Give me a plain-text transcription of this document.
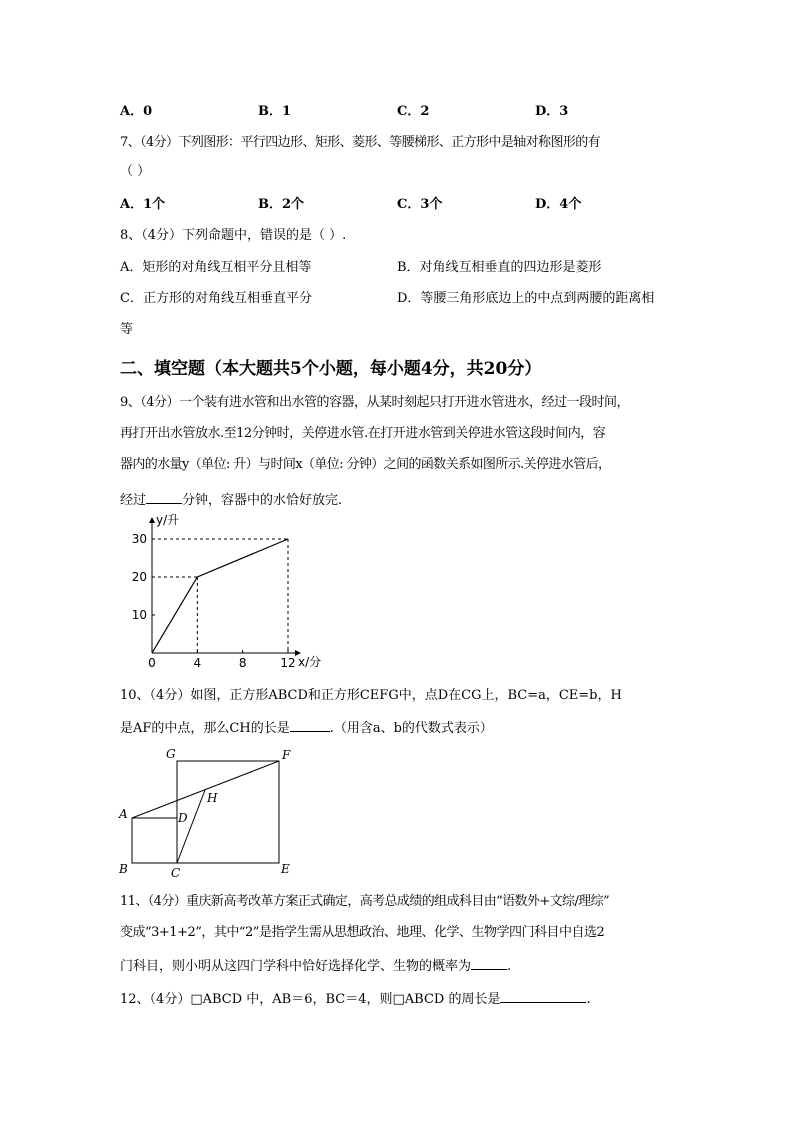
A．0	B．1	C．2	D．3
7、（4分）下列图形：平行四边形、矩形、菱形、等腰梯形、正方形中是轴对称图形的有
（ ）
A．1个	B．2个	C．3个	D．4个
8、（4分）下列命题中，错误的是（ ）.
A．矩形的对角线互相平分且相等	B．对角线互相垂直的四边形是菱形
C．正方形的对角线互相垂直平分	D．等腰三角形底边上的中点到两腰的距离相
等
二、填空题（本大题共5个小题，每小题4分，共20分）
9、（4分）一个装有进水管和出水管的容器，从某时刻起只打开进水管进水，经过一段时间，
再打开出水管放水.至12分钟时，关停进水管.在打开进水管到关停进水管这段时间内，容
器内的水量y（单位: 升）与时间x（单位: 分钟）之间的函数关系如图所示.关停进水管后，
经过	分钟，容器中的水恰好放完.
0	4	8	12
30
20
10
y/升
x/分
10、（4分）如图，正方形ABCD和正方形CEFG中，点D在CG上，BC=a，CE=b，H
是AF的中点，那么CH的长是	.（用含a、b的代数式表示）
G	F
H
A	D
B	C	E
11、（4分）重庆新高考改革方案正式确定，高考总成绩的组成科目由“语数外+文综/理综”
变成“3+1+2”，其中“2”是指学生需从思想政治、地理、化学、生物学四门科目中自选2
门科目，则小明从这四门学科中恰好选择化学、生物的概率为	.
12、（4分）□ABCD 中，AB＝6，BC＝4，则□ABCD 的周长是	.
